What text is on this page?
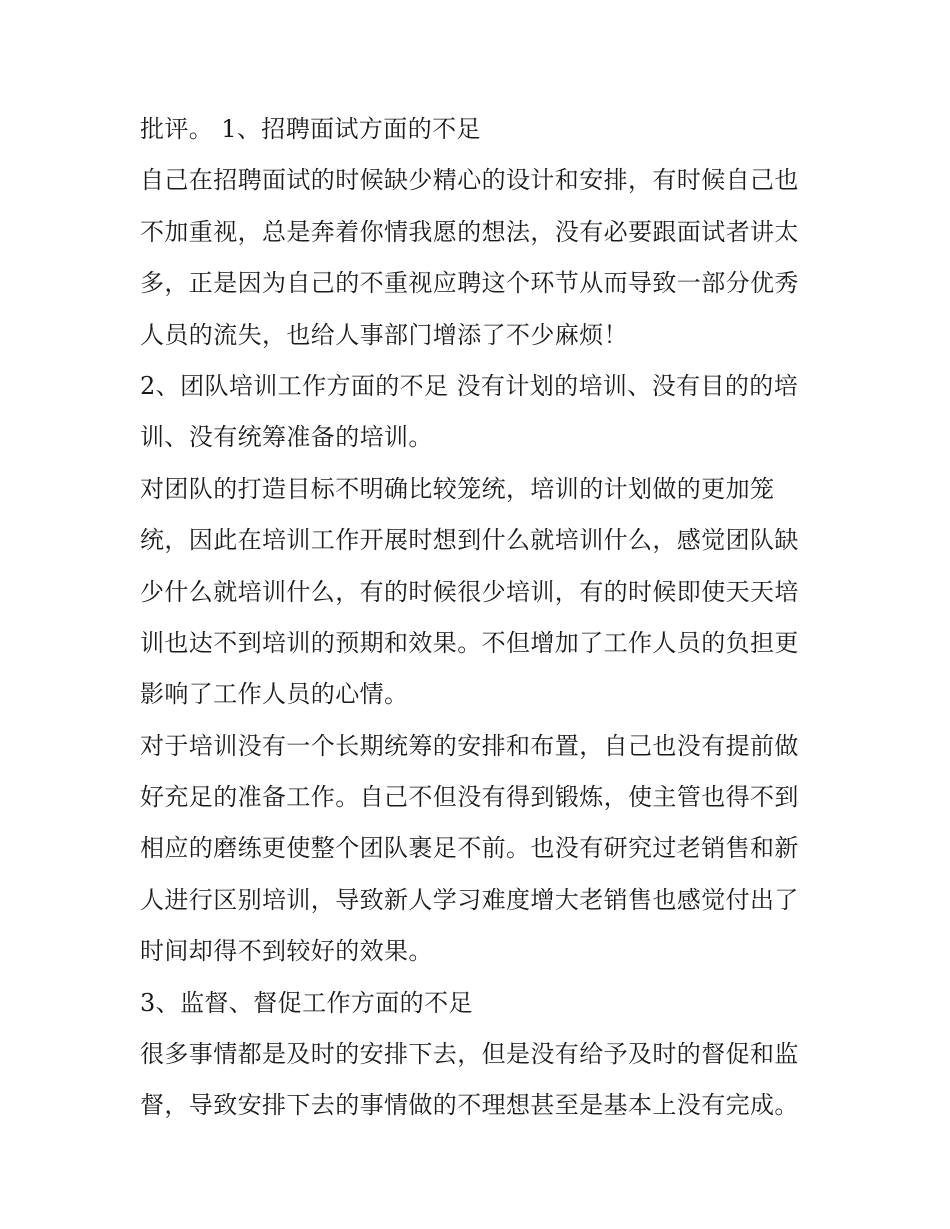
批评。 1、招聘面试方面的不足
自己在招聘面试的时候缺少精心的设计和安排，有时候自己也
不加重视，总是奔着你情我愿的想法，没有必要跟面试者讲太
多，正是因为自己的不重视应聘这个环节从而导致一部分优秀
人员的流失，也给人事部门增添了不少麻烦！
2、团队培训工作方面的不足 没有计划的培训、没有目的的培
训、没有统筹准备的培训。
对团队的打造目标不明确比较笼统，培训的计划做的更加笼
统，因此在培训工作开展时想到什么就培训什么，感觉团队缺
少什么就培训什么，有的时候很少培训，有的时候即使天天培
训也达不到培训的预期和效果。不但增加了工作人员的负担更
影响了工作人员的心情。
对于培训没有一个长期统筹的安排和布置，自己也没有提前做
好充足的准备工作。自己不但没有得到锻炼，使主管也得不到
相应的磨练更使整个团队裹足不前。也没有研究过老销售和新
人进行区别培训，导致新人学习难度增大老销售也感觉付出了
时间却得不到较好的效果。
3、监督、督促工作方面的不足
很多事情都是及时的安排下去，但是没有给予及时的督促和监
督，导致安排下去的事情做的不理想甚至是基本上没有完成。
